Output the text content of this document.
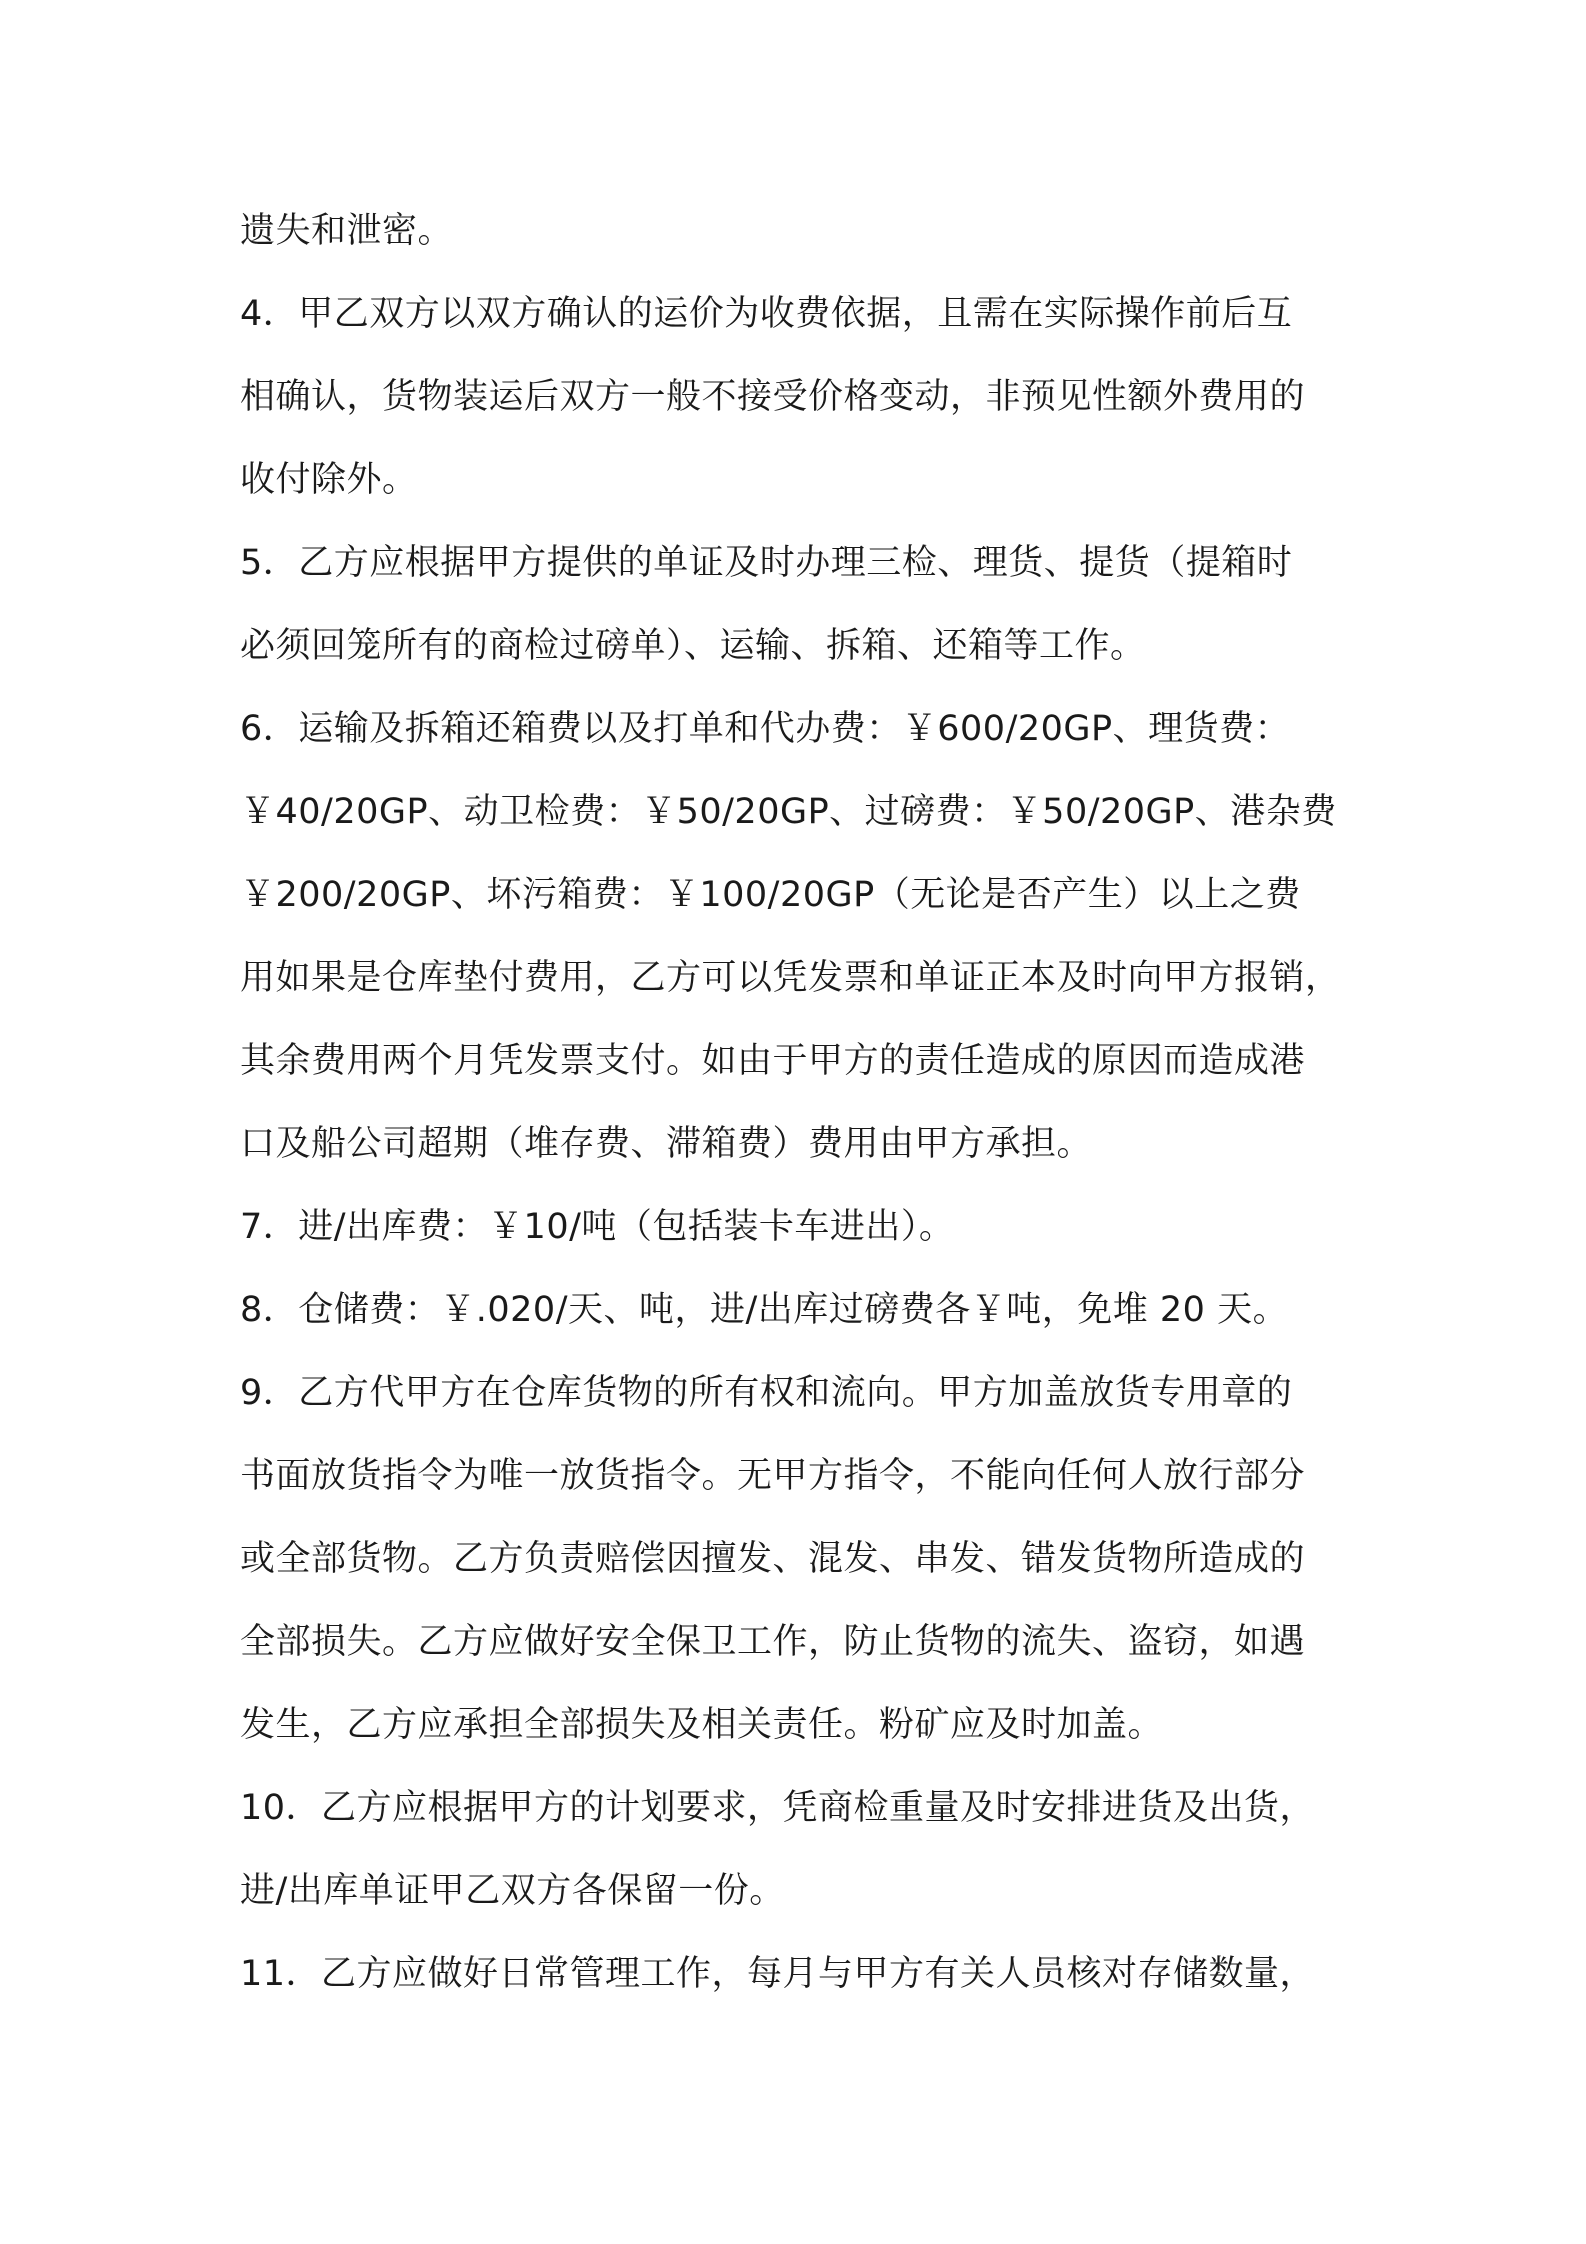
遗失和泄密。
4．甲乙双方以双方确认的运价为收费依据，且需在实际操作前后互
相确认，货物装运后双方一般不接受价格变动，非预见性额外费用的
收付除外。
5．乙方应根据甲方提供的单证及时办理三检、理货、提货（提箱时
必须回笼所有的商检过磅单）、运输、拆箱、还箱等工作。
6．运输及拆箱还箱费以及打单和代办费：￥600/20GP、理货费：
￥40/20GP、动卫检费：￥50/20GP、过磅费：￥50/20GP、港杂费
￥200/20GP、坏污箱费：￥100/20GP（无论是否产生）以上之费
用如果是仓库垫付费用，乙方可以凭发票和单证正本及时向甲方报销，
其余费用两个月凭发票支付。如由于甲方的责任造成的原因而造成港
口及船公司超期（堆存费、滞箱费）费用由甲方承担。
7．进/出库费：￥10/吨（包括装卡车进出）。
8．仓储费：￥.020/天、吨，进/出库过磅费各￥吨，免堆 20 天。
9．乙方代甲方在仓库货物的所有权和流向。甲方加盖放货专用章的
书面放货指令为唯一放货指令。无甲方指令，不能向任何人放行部分
或全部货物。乙方负责赔偿因擅发、混发、串发、错发货物所造成的
全部损失。乙方应做好安全保卫工作，防止货物的流失、盗窃，如遇
发生，乙方应承担全部损失及相关责任。粉矿应及时加盖。
10．乙方应根据甲方的计划要求，凭商检重量及时安排进货及出货，
进/出库单证甲乙双方各保留一份。
11．乙方应做好日常管理工作，每月与甲方有关人员核对存储数量，
